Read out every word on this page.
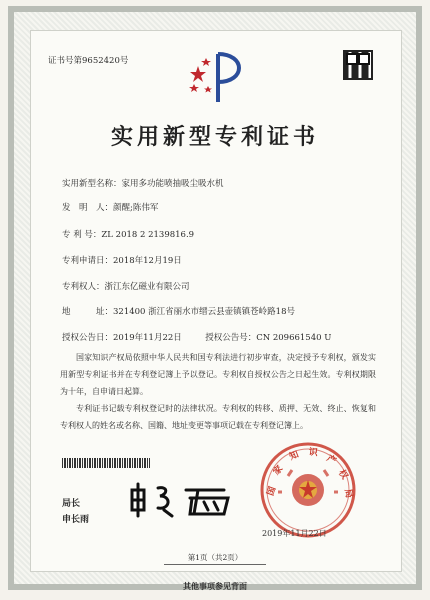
证书号第9652420号
实用新型专利证书
实用新型名称：家用多功能喷抽吸尘吸水机
发　明　人：颜醒;陈伟军
专 利 号：ZL 2018 2 2139816.9
专利申请日：2018年12月19日
专利权人：浙江东亿磁业有限公司
地　　　址：321400 浙江省丽水市缙云县壶镇镇苍岭路18号
授权公告日：2019年11月22日	授权公告号：CN 209661540 U

国家知识产权局依照中华人民共和国专利法进行初步审查，决定授予专利权，颁发实用新型专利证书并在专利登记簿上予以登记。专利权自授权公告之日起生效。专利权期限为十年，自申请日起算。

专利证书记载专利权登记时的法律状况。专利权的转移、质押、无效、终止、恢复和专利权人的姓名或名称、国籍、地址变更等事项记载在专利登记簿上。

局长
申长雨
国
家
知 识
产
权
局
2019年11月22日
第1页（共2页）
其他事项参见背面
